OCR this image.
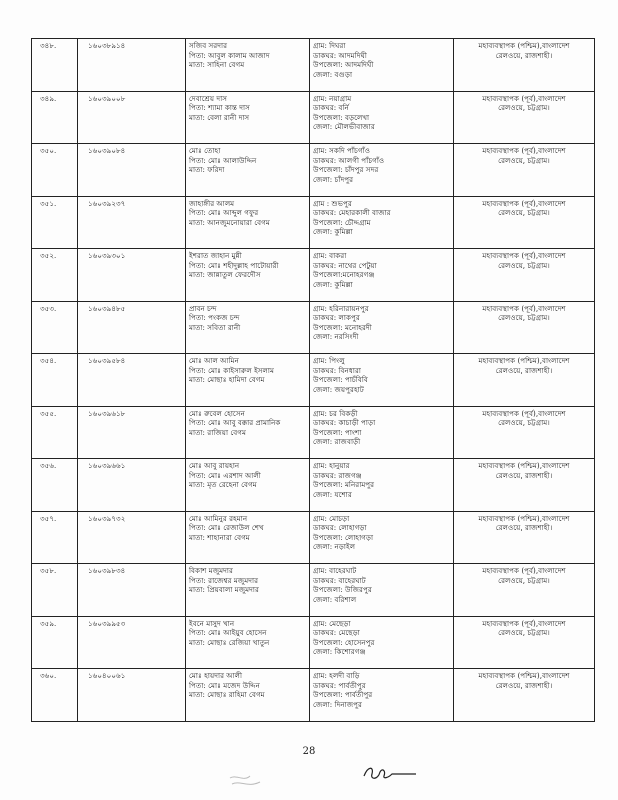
৩৪৮.	১৬০৩৮৯১৪	সজিব সরদার
পিতা: আবুল কালাম আজাদ
মাতা: সাহিনা বেগম	গ্রাম: দিঘরা
ডাকঘর: আদমদিঘী
উপজেলা: আদমদিঘী
জেলা: বগুড়া	মহাব্যবস্থাপক (পশ্চিম),বাংলাদেশ
রেলওয়ে, রাজশাহী।

৩৪৯.	১৬০৩৯০০৮	দেবাশ্রেয় দাস
পিতা: শ্যামা কান্ত দাস
মাতা: বেলা রানী দাস	গ্রাম: নয়াগ্রাম
ডাকঘর: বর্নি
উপজেলা: বড়লেখা
জেলা: মৌলভীবাজার	মহাব্যবস্থাপক (পূর্ব),বাংলাদেশ
রেলওয়ে, চট্টগ্রাম।

৩৫০.	১৬০৩৯০৮৪	মোঃ তোহা
পিতা: মোঃ আলাউদ্দিন
মাতা: ফরিদা	গ্রাম: সকদি পাঁচগাঁও
ডাকঘর: আলগী পাঁচগাঁও
উপজেলা: চাঁদপুর সদর
জেলা: চাঁদপুর	মহাব্যবস্থাপক (পূর্ব),বাংলাদেশ
রেলওয়ে, চট্টগ্রাম।

৩৫১.	১৬০৩৯২৩৭	জাহাঙ্গীর আলম
পিতা: মোঃ আব্দুল গফুর
মাতা: আনজুমনোয়ারা বেগম	গ্রাম : শুভপুর
ডাকঘর: মেহারকালী বাজার
উপজেলা: চৌদ্দগ্রাম
জেলা: কুমিল্লা	মহাব্যবস্থাপক (পূর্ব),বাংলাদেশ
রেলওয়ে, চট্টগ্রাম।

৩৫২.	১৬০৩৯৩০১	ইশরাত জাহান মুন্নী
পিতা: মোঃ শহীদুল্লাহ পাটোয়ারী
মাতা: জান্নাতুল ফেরদৌস	গ্রাম: বাকরা
ডাকঘর: নাথের পেটুয়া
উপজেলা:মনোহরগঞ্জ
জেলা: কুমিল্লা	মহাব্যবস্থাপক (পূর্ব),বাংলাদেশ
রেলওয়ে, চট্টগ্রাম।

৩৫৩.	১৬০৩৯৪৮৫	প্রাবন চন্দ
পিতা: পংকজ চন্দ
মাতা: সবিতা রানী	গ্রাম: হরিনারায়নপুর
ডাকঘর: লাকপুর
উপজেলা: মনোহরদী
জেলা: নরসিংদী	মহাব্যবস্থাপক (পূর্ব),বাংলাদেশ
রেলওয়ে, চট্টগ্রাম।

৩৫৪.	১৬০৩৯৫৮৪	মোঃ আল আমিন
পিতা: মোঃ কাইসারুল ইসলাম
মাতা: মোছাঃ হামিদা বেগম	গ্রাম: পিংলু
ডাকঘর: বিনধারা
উপজেলা: পাচঁবিবি
জেলা: জয়পুরহাট	মহাব্যবস্থাপক (পশ্চিম),বাংলাদেশ
রেলওয়ে, রাজশাহী।

৩৫৫.	১৬০৩৯৬১৮	মোঃ রুবেল হোসেন
পিতা: মোঃ আবু বক্কার প্রামানিক
মাতা: রাজিয়া বেগম	গ্রাম: চর বিকড়ী
ডাকঘর: কাচাড়ী পাড়া
উপজেলা: পাংশা
জেলা: রাজবাড়ী	মহাব্যবস্থাপক (পূর্ব),বাংলাদেশ
রেলওয়ে, চট্টগ্রাম।

৩৫৬.	১৬০৩৯৬৬১	মোঃ আবু রায়হান
পিতা: মোঃ এরশাদ আলী
মাতা: মৃত রেহেনা বেগম	গ্রাম: হানুয়ার
ডাকঘর: রাজগঞ্জ
উপজেলা: মনিরামপুর
জেলা: যশোর	মহাব্যবস্থাপক (পশ্চিম),বাংলাদেশ
রেলওয়ে, রাজশাহী।

৩৫৭.	১৬০৩৯৭৩২	মোঃ আমিনুর রহমান
পিতা: মোঃ রেজাউল শেখ
মাতা: শাহানারা বেগম	গ্রাম: মোচড়া
ডাকঘর: লোহাগড়া
উপজেলা: লোহাগড়া
জেলা: নড়াইল	মহাব্যবস্থাপক (পশ্চিম),বাংলাদেশ
রেলওয়ে, রাজশাহী।

৩৫৮.	১৬০৩৯৮৩৪	বিকাশ মজুমদার
পিতা: রাজেশ্বর মজুমদার
মাতা: প্রিয়বালা মজুমদার	গ্রাম: বাহেরঘাট
ডাকঘর: বাহেরঘাট
উপজেলা: উজিরপুর
জেলা: বরিশাল	মহাব্যবস্থাপক (পূর্ব),বাংলাদেশ
রেলওয়ে, চট্টগ্রাম।

৩৫৯.	১৬০৩৯৯৫৩	ইবনে মাসুদ খান
পিতা: মোঃ আইয়ুব হোসেন
মাতা: মোছাঃ রেজিয়া খাতুন	গ্রাম: মেছেড়া
ডাকঘর: মেছেড়া
উপজেলা: হোসেনপুর
জেলা: কিশোরগঞ্জ	মহাব্যবস্থাপক (পূর্ব),বাংলাদেশ
রেলওয়ে, চট্টগ্রাম।

৩৬০.	১৬০৪০০৬১	মোঃ হায়দার আলী
পিতা: মোঃ মজেদ উদ্দিন
মাতা: মোছাঃ রাহিমা বেগম	গ্রাম: হলদী বাড়ি
ডাকঘর: পার্বতীপুর
উপজেলা: পার্বতীপুর
জেলা: দিনাজপুর	মহাব্যবস্থাপক (পশ্চিম),বাংলাদেশ
রেলওয়ে, রাজশাহী।
28
